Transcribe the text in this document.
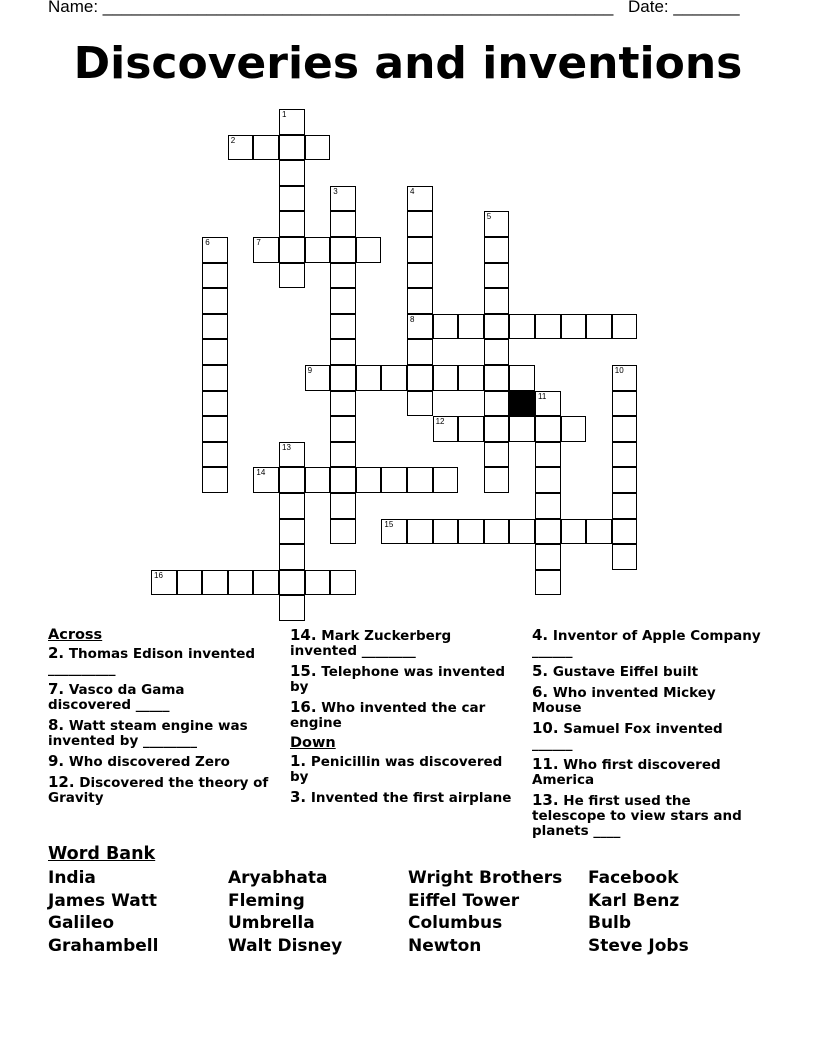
Name: ______________________________________________________ Date: _______
Discoveries and inventions
2
7
8
9
12
14
15
16
1
3	4
5
6
10
11
13
Across
2. Thomas Edison invented __________
7. Vasco da Gama discovered _____
8. Watt steam engine was invented by ________
9. Who discovered Zero
12. Discovered the theory of Gravity
14. Mark Zuckerberg invented ________
15. Telephone was invented by
16. Who invented the car engine
Down
1. Penicillin was discovered by
3. Invented the first airplane
4. Inventor of Apple Company ______
5. Gustave Eiffel built
6. Who invented Mickey Mouse
10. Samuel Fox invented ______
11. Who first discovered America
13. He first used the telescope to view stars and planets ____
Word Bank
India
James Watt
Galileo
Grahambell
Aryabhata
Fleming
Umbrella
Walt Disney
Wright Brothers
Eiffel Tower
Columbus
Newton
Facebook
Karl Benz
Bulb
Steve Jobs
